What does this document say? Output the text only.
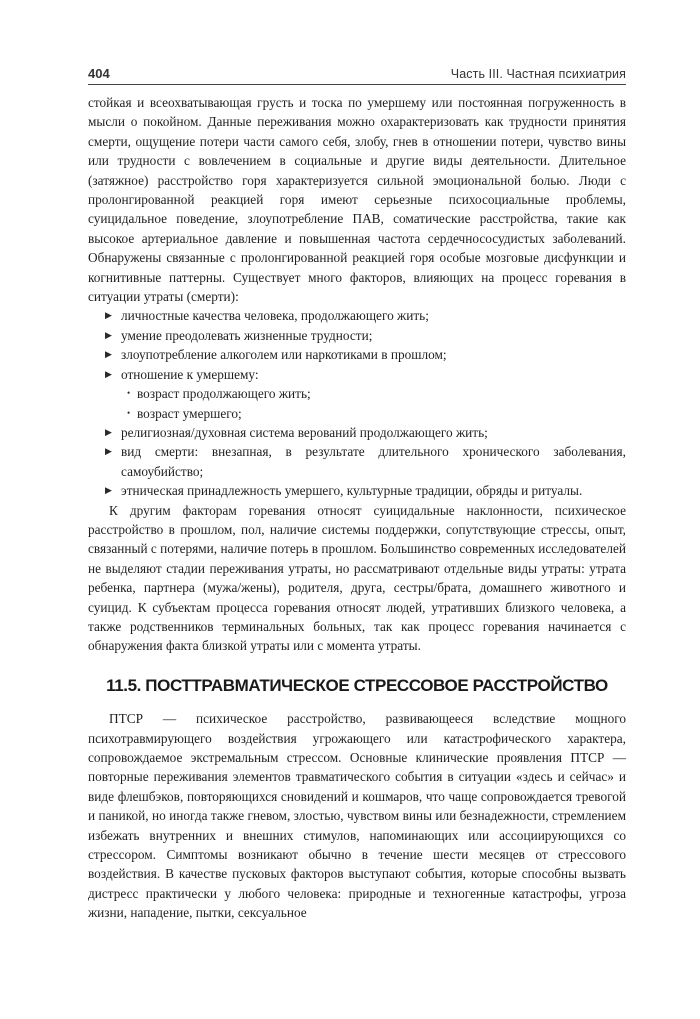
404	Часть III. Частная психиатрия

стойкая и всеохватывающая грусть и тоска по умершему или постоянная погруженность в мысли о покойном. Данные переживания можно охарактеризовать как трудности принятия смерти, ощущение потери части самого себя, злобу, гнев в отношении потери, чувство вины или трудности с вовлечением в социальные и другие виды деятельности. Длительное (затяжное) расстройство горя характеризуется сильной эмоциональной болью. Люди с пролонгированной реакцией горя имеют серьезные психосоциальные проблемы, суицидальное поведение, злоупотребление ПАВ, соматические расстройства, такие как высокое артериальное давление и повышенная частота сердечнососудистых заболеваний. Обнаружены связанные с пролонгированной реакцией горя особые мозговые дисфункции и когнитивные паттерны. Существует много факторов, влияющих на процесс горевания в ситуации утраты (смерти):

▶ личностные качества человека, продолжающего жить;
▶ умение преодолевать жизненные трудности;
▶ злоупотребление алкоголем или наркотиками в прошлом;
▶ отношение к умершему:
• возраст продолжающего жить;
• возраст умершего;
▶ религиозная/духовная система верований продолжающего жить;
▶ вид смерти: внезапная, в результате длительного хронического заболевания, самоубийство;
▶ этническая принадлежность умершего, культурные традиции, обряды и ритуалы.

К другим факторам горевания относят суицидальные наклонности, психическое расстройство в прошлом, пол, наличие системы поддержки, сопутствующие стрессы, опыт, связанный с потерями, наличие потерь в прошлом. Большинство современных исследователей не выделяют стадии переживания утраты, но рассматривают отдельные виды утраты: утрата ребенка, партнера (мужа/жены), родителя, друга, сестры/брата, домашнего животного и суицид. К субъектам процесса горевания относят людей, утративших близкого человека, а также родственников терминальных больных, так как процесс горевания начинается с обнаружения факта близкой утраты или с момента утраты.

11.5. ПОСТТРАВМАТИЧЕСКОЕ СТРЕССОВОЕ РАССТРОЙСТВО

ПТСР — психическое расстройство, развивающееся вследствие мощного психотравмирующего воздействия угрожающего или катастрофического характера, сопровождаемое экстремальным стрессом. Основные клинические проявления ПТСР — повторные переживания элементов травматического события в ситуации «здесь и сейчас» и виде флешбэков, повторяющихся сновидений и кошмаров, что чаще сопровождается тревогой и паникой, но иногда также гневом, злостью, чувством вины или безнадежности, стремлением избежать внутренних и внешних стимулов, напоминающих или ассоциирующихся со стрессором. Симптомы возникают обычно в течение шести месяцев от стрессового воздействия. В качестве пусковых факторов выступают события, которые способны вызвать дистресс практически у любого человека: природные и техногенные катастрофы, угроза жизни, нападение, пытки, сексуальное
